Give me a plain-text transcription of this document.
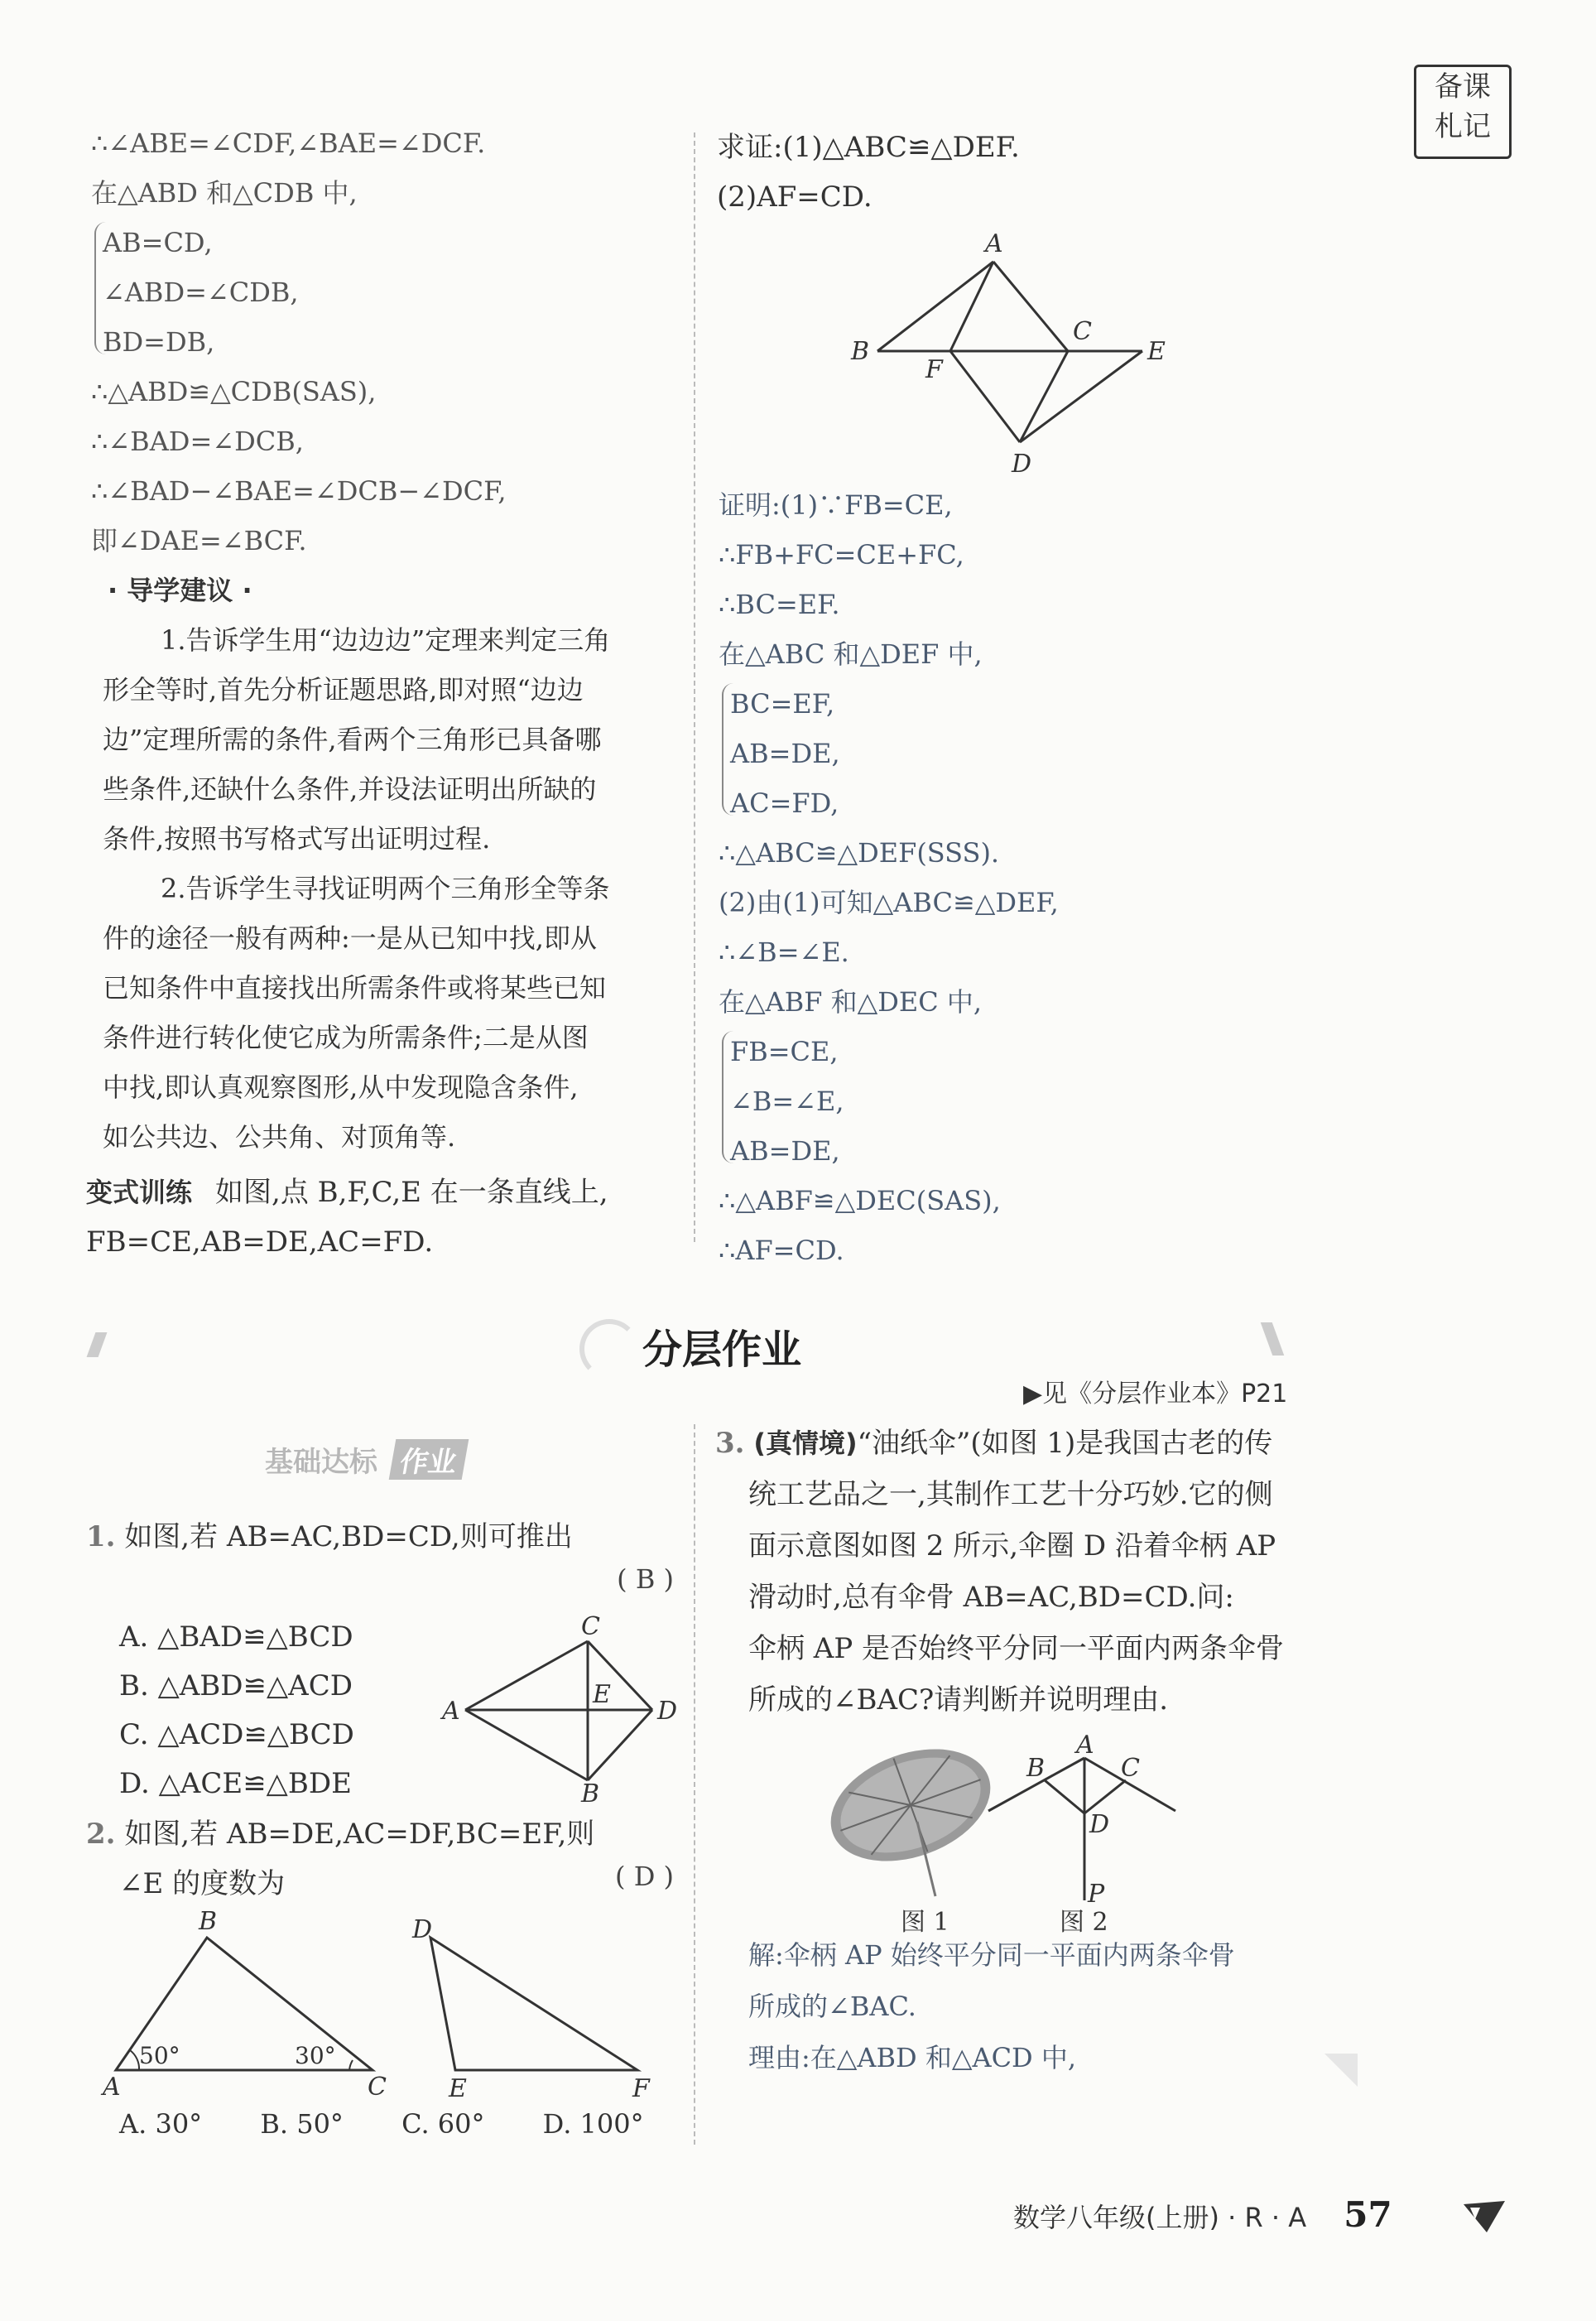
备课
札记
∴∠ABE=∠CDF,∠BAE=∠DCF.
在△ABD 和△CDB 中,
AB=CD,
∠ABD=∠CDB,
BD=DB,
∴△ABD≌△CDB(SAS),
∴∠BAD=∠DCB,
∴∠BAD−∠BAE=∠DCB−∠DCF,
即∠DAE=∠BCF.
· 导学建议 ·
1.告诉学生用“边边边”定理来判定三角
形全等时,首先分析证题思路,即对照“边边
边”定理所需的条件,看两个三角形已具备哪
些条件,还缺什么条件,并设法证明出所缺的
条件,按照书写格式写出证明过程.
2.告诉学生寻找证明两个三角形全等条
件的途径一般有两种:一是从已知中找,即从
已知条件中直接找出所需条件或将某些已知
条件进行转化使它成为所需条件;二是从图
中找,即认真观察图形,从中发现隐含条件,
如公共边、公共角、对顶角等.
变式训练 如图,点 B,F,C,E 在一条直线上,
FB=CE,AB=DE,AC=FD.
求证:(1)△ABC≌△DEF.
(2)AF=CD.
A
B
C
D
E
F
证明:(1)∵FB=CE,
∴FB+FC=CE+FC,
∴BC=EF.
在△ABC 和△DEF 中,
BC=EF,
AB=DE,
AC=FD,
∴△ABC≌△DEF(SSS).
(2)由(1)可知△ABC≌△DEF,
∴∠B=∠E.
在△ABF 和△DEC 中,
FB=CE,
∠B=∠E,
AB=DE,
∴△ABF≌△DEC(SAS),
∴AF=CD.
分层作业
▶见《分层作业本》P21
基础达标 作业
1. 如图,若 AB=AC,BD=CD,则可推出
( B )
A. △BAD≌△BCD
B. △ABD≌△ACD
C. △ACD≌△BCD
D. △ACE≌△BDE
C
A
E
D
B
2. 如图,若 AB=DE,AC=DF,BC=EF,则
∠E 的度数为	( D )
B
A	C
50°	30°
D
E	F
A. 30° B. 50° C. 60° D. 100°
3. (真情境)“油纸伞”(如图 1)是我国古老的传
统工艺品之一,其制作工艺十分巧妙.它的侧
面示意图如图 2 所示,伞圈 D 沿着伞柄 AP
滑动时,总有伞骨 AB=AC,BD=CD.问:
伞柄 AP 是否始终平分同一平面内两条伞骨
所成的∠BAC?请判断并说明理由.
图 1
A
B	C
D
P
图 2
解:伞柄 AP 始终平分同一平面内两条伞骨
所成的∠BAC.
理由:在△ABD 和△ACD 中,
数学八年级(上册) · R · A 57
